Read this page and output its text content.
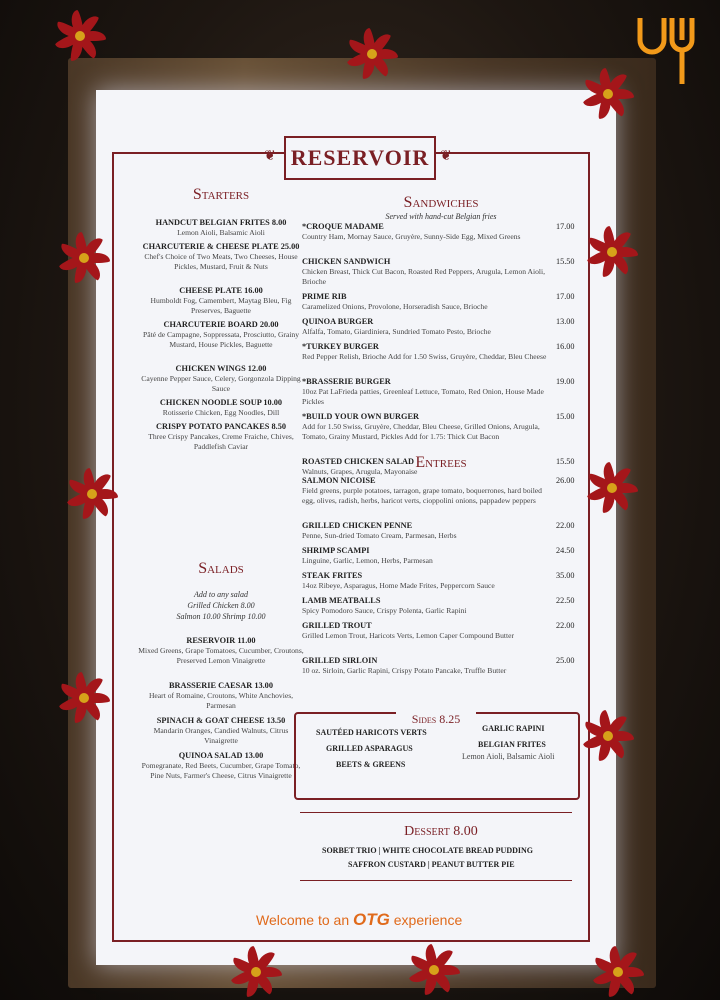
❦	❦
RESERVOIR
Starters
HANDCUT BELGIAN FRITES 8.00
Lemon Aioli, Balsamic Aioli
CHARCUTERIE & CHEESE PLATE 25.00
Chef's Choice of Two Meats, Two Cheeses, House Pickles, Mustard, Fruit & Nuts
CHEESE PLATE 16.00
Humboldt Fog, Camembert, Maytag Bleu, Fig Preserves, Baguette
CHARCUTERIE BOARD 20.00
Pâté de Campagne, Soppressata, Prosciutto, Grainy Mustard, House Pickles, Baguette
CHICKEN WINGS 12.00
Cayenne Pepper Sauce, Celery, Gorgonzola Dipping Sauce
CHICKEN NOODLE SOUP 10.00
Rotisserie Chicken, Egg Noodles, Dill
CRISPY POTATO PANCAKES 8.50
Three Crispy Pancakes, Creme Fraiche, Chives, Paddlefish Caviar
Salads
Add to any salad
Grilled Chicken 8.00
Salmon 10.00 Shrimp 10.00
RESERVOIR 11.00
Mixed Greens, Grape Tomatoes, Cucumber, Croutons, Preserved Lemon Vinaigrette
BRASSERIE CAESAR 13.00
Heart of Romaine, Croutons, White Anchovies, Parmesan
SPINACH & GOAT CHEESE 13.50
Mandarin Oranges, Candied Walnuts, Citrus Vinaigrette
QUINOA SALAD 13.00
Pomegranate, Red Beets, Cucumber, Grape Tomato, Pine Nuts, Farmer's Cheese, Citrus Vinaigrette
Sandwiches
Served with hand-cut Belgian fries
*CROQUE MADAME
Country Ham, Mornay Sauce, Gruyère, Sunny-Side Egg, Mixed Greens
17.00
CHICKEN SANDWICH
Chicken Breast, Thick Cut Bacon, Roasted Red Peppers, Arugula, Lemon Aioli, Brioche
15.50
PRIME RIB
Caramelized Onions, Provolone, Horseradish Sauce, Brioche
17.00
QUINOA BURGER
Alfalfa, Tomato, Giardiniera, Sundried Tomato Pesto, Brioche
13.00
*TURKEY BURGER
Red Pepper Relish, Brioche Add for 1.50 Swiss, Gruyère, Cheddar, Bleu Cheese
16.00
*BRASSERIE BURGER
10oz Pat LaFrieda patties, Greenleaf Lettuce, Tomato, Red Onion, House Made Pickles
19.00
*BUILD YOUR OWN BURGER
Add for 1.50 Swiss, Gruyère, Cheddar, Bleu Cheese, Grilled Onions, Arugula, Tomato, Grainy Mustard, Pickles Add for 1.75: Thick Cut Bacon
15.00
ROASTED CHICKEN SALAD
Walnuts, Grapes, Arugula, Mayonaise
15.50
Entrees
SALMON NICOISE
Field greens, purple potatoes, tarragon, grape tomato, boquerrones, hard boiled egg, olives, radish, herbs, haricot verts, cioppolini onions, pappadew peppers
26.00
GRILLED CHICKEN PENNE
Penne, Sun-dried Tomato Cream, Parmesan, Herbs
22.00
SHRIMP SCAMPI
Linguine, Garlic, Lemon, Herbs, Parmesan
24.50
STEAK FRITES
14oz Ribeye, Asparagus, Home Made Frites, Peppercorn Sauce
35.00
LAMB MEATBALLS
Spicy Pomodoro Sauce, Crispy Polenta, Garlic Rapini
22.50
GRILLED TROUT
Grilled Lemon Trout, Haricots Verts, Lemon Caper Compound Butter
22.00
GRILLED SIRLOIN
10 oz. Sirloin, Garlic Rapini, Crispy Potato Pancake, Truffle Butter
25.00
Sides 8.25
SAUTÉED HARICOTS VERTS
GRILLED ASPARAGUS
BEETS & GREENS
GARLIC RAPINI
BELGIAN FRITES
Lemon Aioli, Balsamic Aioli
Dessert 8.00
SORBET TRIO | WHITE CHOCOLATE BREAD PUDDING
SAFFRON CUSTARD | PEANUT BUTTER PIE
Welcome to an OTG experience
